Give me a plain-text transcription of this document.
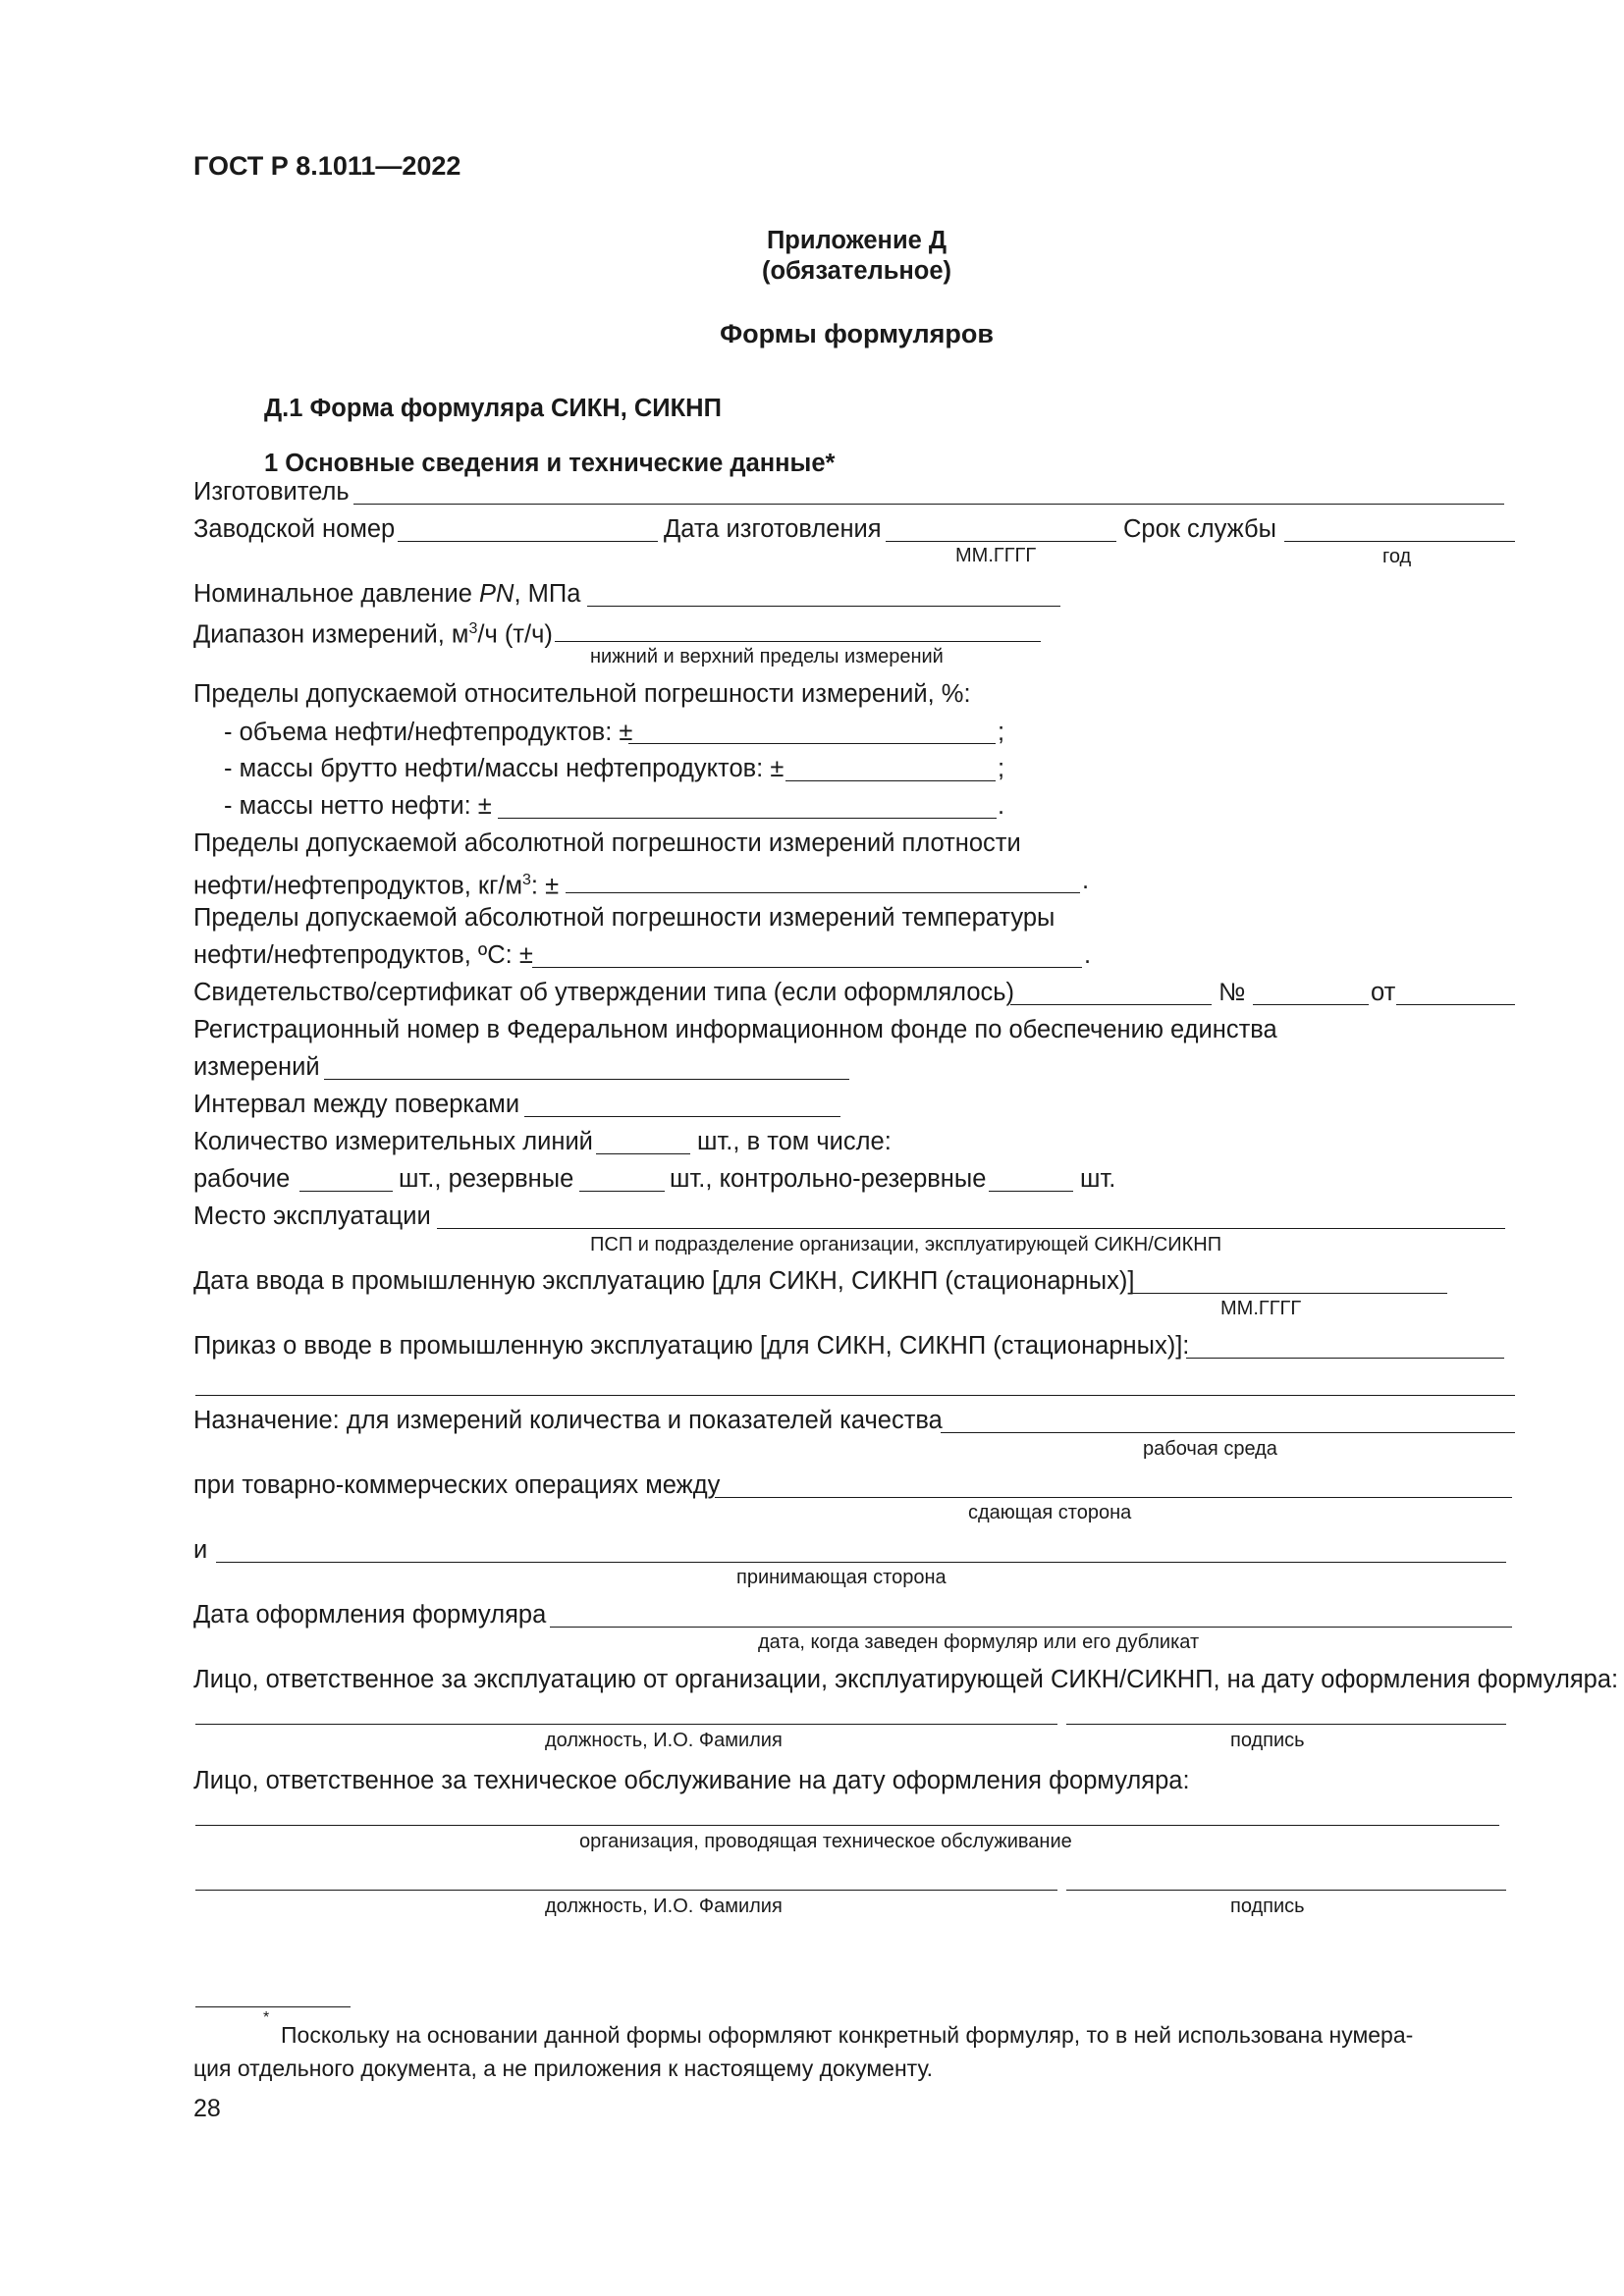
ГОСТ Р 8.1011—2022
Приложение Д
(обязательное)
Формы формуляров
Д.1 Форма формуляра СИКН, СИКНП
1 Основные сведения и технические данные*
Изготовитель
Заводской номер	Дата изготовления	Срок службы
ММ.ГГГГ	год
Номинальное давление PN, МПа
Диапазон измерений, $м^3/ч$ (т/ч)
нижний и верхний пределы измерений
Пределы допускаемой относительной погрешности измерений, %:
- объема нефти/нефтепродуктов: ±	;
- массы брутто нефти/массы нефтепродуктов: ±	;
- массы нетто нефти: ±	.
Пределы допускаемой абсолютной погрешности измерений плотности
нефти/нефтепродуктов, $кг/м^3$: ±	.
Пределы допускаемой абсолютной погрешности измерений температуры
нефти/нефтепродуктов, ºС: ±	.
Свидетельство/сертификат об утверждении типа (если оформлялось)	№	от
Регистрационный номер в Федеральном информационном фонде по обеспечению единства
измерений
Интервал между поверками
Количество измерительных линий	шт., в том числе:
рабочие	шт., резервные	шт., контрольно-резервные	шт.
Место эксплуатации
ПСП и подразделение организации, эксплуатирующей СИКН/СИКНП
Дата ввода в промышленную эксплуатацию [для СИКН, СИКНП (стационарных)]
ММ.ГГГГ
Приказ о вводе в промышленную эксплуатацию [для СИКН, СИКНП (стационарных)]:
Назначение: для измерений количества и показателей качества
рабочая среда
при товарно-коммерческих операциях между
сдающая сторона
и
принимающая сторона
Дата оформления формуляра
дата, когда заведен формуляр или его дубликат
Лицо, ответственное за эксплуатацию от организации, эксплуатирующей СИКН/СИКНП, на дату оформления формуляра:
должность, И.О. Фамилия	подпись
Лицо, ответственное за техническое обслуживание на дату оформления формуляра:
организация, проводящая техническое обслуживание
должность, И.О. Фамилия	подпись
*
Поскольку на основании данной формы оформляют конкретный формуляр, то в ней использована нумера-
ция отдельного документа, а не приложения к настоящему документу.
28
